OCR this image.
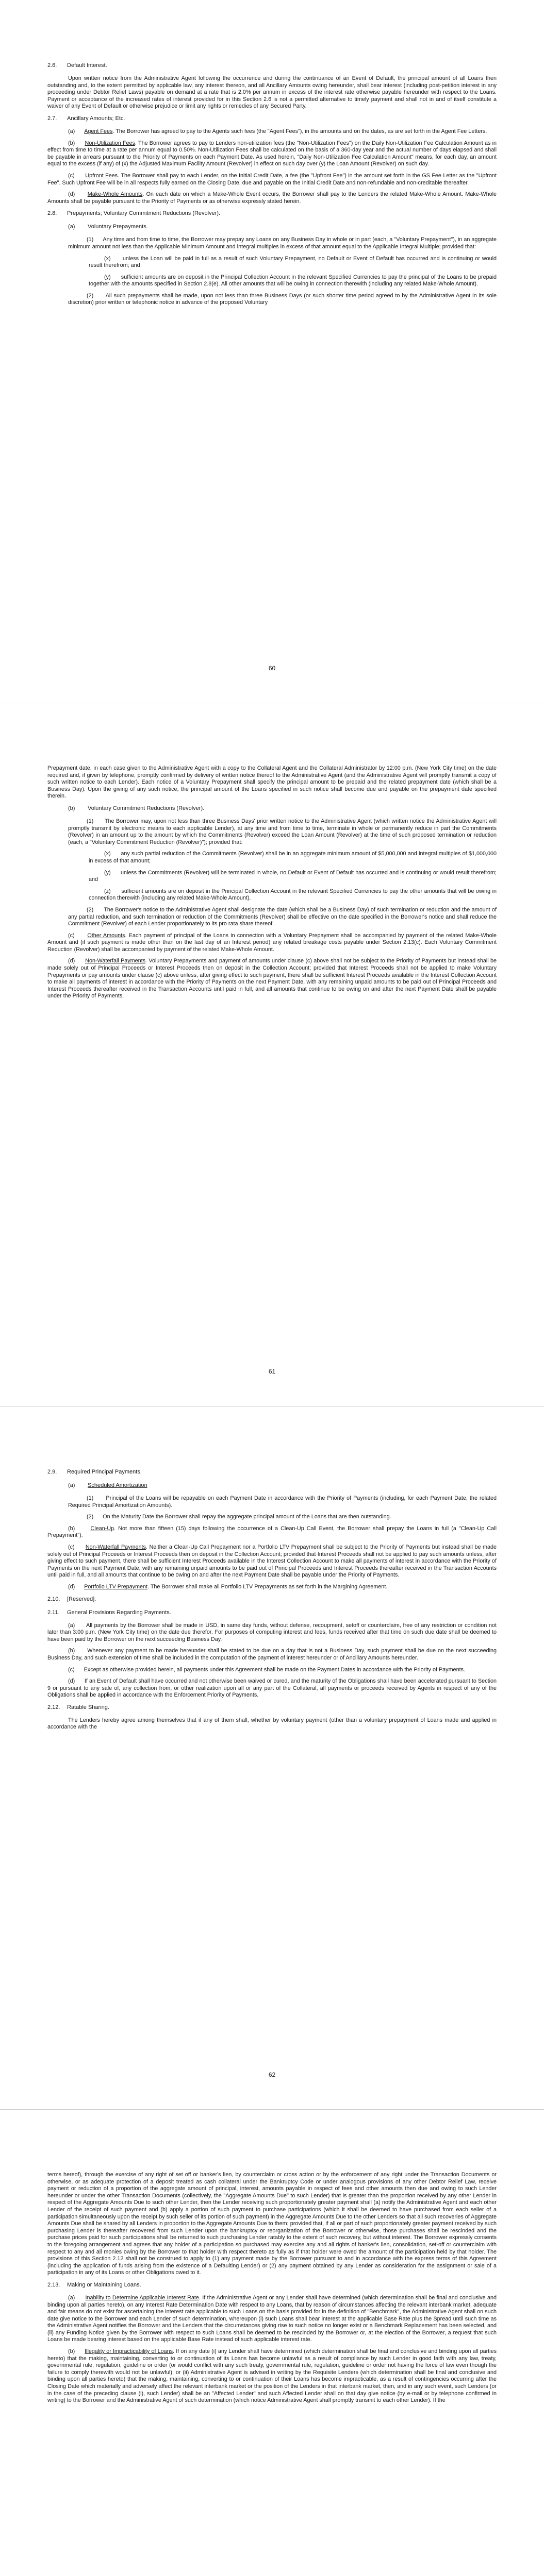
2.6. Default Interest.

Upon written notice from the Administrative Agent following the occurrence and during the continuance of an Event of Default, the principal amount of all Loans then outstanding and, to the extent permitted by applicable law, any interest thereon, and all Ancillary Amounts owing hereunder, shall bear interest (including post-petition interest in any proceeding under Debtor Relief Laws) payable on demand at a rate that is 2.0% per annum in excess of the interest rate otherwise payable hereunder with respect to the Loans. Payment or acceptance of the increased rates of interest provided for in this Section 2.6 is not a permitted alternative to timely payment and shall not in and of itself constitute a waiver of any Event of Default or otherwise prejudice or limit any rights or remedies of any Secured Party.

2.7. Ancillary Amounts; Etc.

(a)      Agent Fees. The Borrower has agreed to pay to the Agents such fees (the "Agent Fees"), in the amounts and on the dates, as are set forth in the Agent Fee Letters.

(b)      Non-Utilization Fees. The Borrower agrees to pay to Lenders non-utilization fees (the "Non-Utilization Fees") on the Daily Non-Utilization Fee Calculation Amount as in effect from time to time at a rate per annum equal to 0.50%. Non-Utilization Fees shall be calculated on the basis of a 360-day year and the actual number of days elapsed and shall be payable in arrears pursuant to the Priority of Payments on each Payment Date. As used herein, "Daily Non-Utilization Fee Calculation Amount" means, for each day, an amount equal to the excess (if any) of (x) the Adjusted Maximum Facility Amount (Revolver) in effect on such day over (y) the Loan Amount (Revolver) on such day.

(c)      Upfront Fees. The Borrower shall pay to each Lender, on the Initial Credit Date, a fee (the "Upfront Fee") in the amount set forth in the GS Fee Letter as the "Upfront Fee". Such Upfront Fee will be in all respects fully earned on the Closing Date, due and payable on the Initial Credit Date and non-refundable and non-creditable thereafter.

(d)      Make-Whole Amounts. On each date on which a Make-Whole Event occurs, the Borrower shall pay to the Lenders the related Make-Whole Amount. Make-Whole Amounts shall be payable pursuant to the Priority of Payments or as otherwise expressly stated herein.

2.8. Prepayments; Voluntary Commitment Reductions (Revolver).
(a) Voluntary Prepayments.

(1)      Any time and from time to time, the Borrower may prepay any Loans on any Business Day in whole or in part (each, a "Voluntary Prepayment"), in an aggregate minimum amount not less than the Applicable Minimum Amount and integral multiples in excess of that amount equal to the Applicable Integral Multiple; provided that:

(x)      unless the Loan will be paid in full as a result of such Voluntary Prepayment, no Default or Event of Default has occurred and is continuing or would result therefrom; and

(y)      sufficient amounts are on deposit in the Principal Collection Account in the relevant Specified Currencies to pay the principal of the Loans to be prepaid together with the amounts specified in Section 2.8(e). All other amounts that will be owing in connection therewith (including any related Make-Whole Amount).

(2)      All such prepayments shall be made, upon not less than three Business Days (or such shorter time period agreed to by the Administrative Agent in its sole discretion) prior written or telephonic notice in advance of the proposed Voluntary

60

Prepayment date, in each case given to the Administrative Agent with a copy to the Collateral Agent and the Collateral Administrator by 12:00 p.m. (New York City time) on the date required and, if given by telephone, promptly confirmed by delivery of written notice thereof to the Administrative Agent (and the Administrative Agent will promptly transmit a copy of such written notice to each Lender). Each notice of a Voluntary Prepayment shall specify the principal amount to be prepaid and the related prepayment date (which shall be a Business Day). Upon the giving of any such notice, the principal amount of the Loans specified in such notice shall become due and payable on the prepayment date specified therein.

(b) Voluntary Commitment Reductions (Revolver).

(1)      The Borrower may, upon not less than three Business Days' prior written notice to the Administrative Agent (which written notice the Administrative Agent will promptly transmit by electronic means to each applicable Lender), at any time and from time to time, terminate in whole or permanently reduce in part the Commitments (Revolver) in an amount up to the amount by which the Commitments (Revolver) exceed the Loan Amount (Revolver) at the time of such proposed termination or reduction (each, a "Voluntary Commitment Reduction (Revolver)"); provided that:

(x)      any such partial reduction of the Commitments (Revolver) shall be in an aggregate minimum amount of $5,000,000 and integral multiples of $1,000,000 in excess of that amount;

(y)      unless the Commitments (Revolver) will be terminated in whole, no Default or Event of Default has occurred and is continuing or would result therefrom; and

(z)      sufficient amounts are on deposit in the Principal Collection Account in the relevant Specified Currencies to pay the other amounts that will be owing in connection therewith (including any related Make-Whole Amount).

(2)      The Borrower's notice to the Administrative Agent shall designate the date (which shall be a Business Day) of such termination or reduction and the amount of any partial reduction, and such termination or reduction of the Commitments (Revolver) shall be effective on the date specified in the Borrower's notice and shall reduce the Commitment (Revolver) of each Lender proportionately to its pro rata share thereof.

(c)      Other Amounts. Each payment of principal of the Loans in connection with a Voluntary Prepayment shall be accompanied by payment of the related Make-Whole Amount and (if such payment is made other than on the last day of an Interest period) any related breakage costs payable under Section 2.13(c). Each Voluntary Commitment Reduction (Revolver) shall be accompanied by payment of the related Make-Whole Amount.

(d)      Non-Waterfall Payments. Voluntary Prepayments and payment of amounts under clause (c) above shall not be subject to the Priority of Payments but instead shall be made solely out of Principal Proceeds or Interest Proceeds then on deposit in the Collection Account; provided that Interest Proceeds shall not be applied to make Voluntary Prepayments or pay amounts under clause (c) above unless, after giving effect to such payment, there shall be sufficient Interest Proceeds available in the Interest Collection Account to make all payments of interest in accordance with the Priority of Payments on the next Payment Date, with any remaining unpaid amounts to be paid out of Principal Proceeds and Interest Proceeds thereafter received in the Transaction Accounts until paid in full, and all amounts that continue to be owing on and after the next Payment Date shall be payable under the Priority of Payments.

61
2.9. Required Principal Payments.
(a) Scheduled Amortization

(1)      Principal of the Loans will be repayable on each Payment Date in accordance with the Priority of Payments (including, for each Payment Date, the related Required Principal Amortization Amounts).

(2)      On the Maturity Date the Borrower shall repay the aggregate principal amount of the Loans that are then outstanding.

(b)      Clean-Up. Not more than fifteen (15) days following the occurrence of a Clean-Up Call Event, the Borrower shall prepay the Loans in full (a "Clean-Up Call Prepayment").

(c)      Non-Waterfall Payments. Neither a Clean-Up Call Prepayment nor a Portfolio LTV Prepayment shall be subject to the Priority of Payments but instead shall be made solely out of Principal Proceeds or Interest Proceeds then on deposit in the Collection Account; provided that Interest Proceeds shall not be applied to pay such amounts unless, after giving effect to such payment, there shall be sufficient Interest Proceeds available in the Interest Collection Account to make all payments of interest in accordance with the Priority of Payments on the next Payment Date, with any remaining unpaid amounts to be paid out of Principal Proceeds and Interest Proceeds thereafter received in the Transaction Accounts until paid in full, and all amounts that continue to be owing on and after the next Payment Date shall be payable under the Priority of Payments.

(d)      Portfolio LTV Prepayment. The Borrower shall make all Portfolio LTV Prepayments as set forth in the Margining Agreement.

2.10. [Reserved].
2.11. General Provisions Regarding Payments.

(a)      All payments by the Borrower shall be made in USD, in same day funds, without defense, recoupment, setoff or counterclaim, free of any restriction or condition not later than 3:00 p.m. (New York City time) on the date due therefor. For purposes of computing interest and fees, funds received after that time on such due date shall be deemed to have been paid by the Borrower on the next succeeding Business Day.

(b)      Whenever any payment to be made hereunder shall be stated to be due on a day that is not a Business Day, such payment shall be due on the next succeeding Business Day, and such extension of time shall be included in the computation of the payment of interest hereunder or of Ancillary Amounts hereunder.

(c)      Except as otherwise provided herein, all payments under this Agreement shall be made on the Payment Dates in accordance with the Priority of Payments.

(d)      If an Event of Default shall have occurred and not otherwise been waived or cured, and the maturity of the Obligations shall have been accelerated pursuant to Section 9 or pursuant to any sale of, any collection from, or other realization upon all or any part of the Collateral, all payments or proceeds received by Agents in respect of any of the Obligations shall be applied in accordance with the Enforcement Priority of Payments.

2.12. Ratable Sharing.

The Lenders hereby agree among themselves that if any of them shall, whether by voluntary payment (other than a voluntary prepayment of Loans made and applied in accordance with the

62

terms hereof), through the exercise of any right of set off or banker's lien, by counterclaim or cross action or by the enforcement of any right under the Transaction Documents or otherwise, or as adequate protection of a deposit treated as cash collateral under the Bankruptcy Code or under analogous provisions of any other Debtor Relief Law, receive payment or reduction of a proportion of the aggregate amount of principal, interest, amounts payable in respect of fees and other amounts then due and owing to such Lender hereunder or under the other Transaction Documents (collectively, the "Aggregate Amounts Due" to such Lender) that is greater than the proportion received by any other Lender in respect of the Aggregate Amounts Due to such other Lender, then the Lender receiving such proportionately greater payment shall (a) notify the Administrative Agent and each other Lender of the receipt of such payment and (b) apply a portion of such payment to purchase participations (which it shall be deemed to have purchased from each seller of a participation simultaneously upon the receipt by such seller of its portion of such payment) in the Aggregate Amounts Due to the other Lenders so that all such recoveries of Aggregate Amounts Due shall be shared by all Lenders in proportion to the Aggregate Amounts Due to them; provided that, if all or part of such proportionately greater payment received by such purchasing Lender is thereafter recovered from such Lender upon the bankruptcy or reorganization of the Borrower or otherwise, those purchases shall be rescinded and the purchase prices paid for such participations shall be returned to such purchasing Lender ratably to the extent of such recovery, but without interest. The Borrower expressly consents to the foregoing arrangement and agrees that any holder of a participation so purchased may exercise any and all rights of banker's lien, consolidation, set-off or counterclaim with respect to any and all monies owing by the Borrower to that holder with respect thereto as fully as if that holder were owed the amount of the participation held by that holder. The provisions of this Section 2.12 shall not be construed to apply to (1) any payment made by the Borrower pursuant to and in accordance with the express terms of this Agreement (including the application of funds arising from the existence of a Defaulting Lender) or (2) any payment obtained by any Lender as consideration for the assignment or sale of a participation in any of its Loans or other Obligations owed to it.

2.13. Making or Maintaining Loans.

(a)      Inability to Determine Applicable Interest Rate. If the Administrative Agent or any Lender shall have determined (which determination shall be final and conclusive and binding upon all parties hereto), on any Interest Rate Determination Date with respect to any Loans, that by reason of circumstances affecting the relevant interbank market, adequate and fair means do not exist for ascertaining the interest rate applicable to such Loans on the basis provided for in the definition of "Benchmark", the Administrative Agent shall on such date give notice to the Borrower and each Lender of such determination, whereupon (i) such Loans shall bear interest at the applicable Base Rate plus the Spread until such time as the Administrative Agent notifies the Borrower and the Lenders that the circumstances giving rise to such notice no longer exist or a Benchmark Replacement has been selected, and (ii) any Funding Notice given by the Borrower with respect to such Loans shall be deemed to be rescinded by the Borrower or, at the election of the Borrower, a request that such Loans be made bearing interest based on the applicable Base Rate instead of such applicable interest rate.

(b)      Illegality or Impracticability of Loans. If on any date (i) any Lender shall have determined (which determination shall be final and conclusive and binding upon all parties hereto) that the making, maintaining, converting to or continuation of its Loans has become unlawful as a result of compliance by such Lender in good faith with any law, treaty, governmental rule, regulation, guideline or order (or would conflict with any such treaty, governmental rule, regulation, guideline or order not having the force of law even though the failure to comply therewith would not be unlawful), or (ii) Administrative Agent is advised in writing by the Requisite Lenders (which determination shall be final and conclusive and binding upon all parties hereto) that the making, maintaining, converting to or continuation of their Loans has become impracticable, as a result of contingencies occurring after the Closing Date which materially and adversely affect the relevant interbank market or the position of the Lenders in that interbank market, then, and in any such event, such Lenders (or in the case of the preceding clause (i), such Lender) shall be an "Affected Lender" and such Affected Lender shall on that day give notice (by e-mail or by telephone confirmed in writing) to the Borrower and the Administrative Agent of such determination (which notice Administrative Agent shall promptly transmit to each other Lender). If the
